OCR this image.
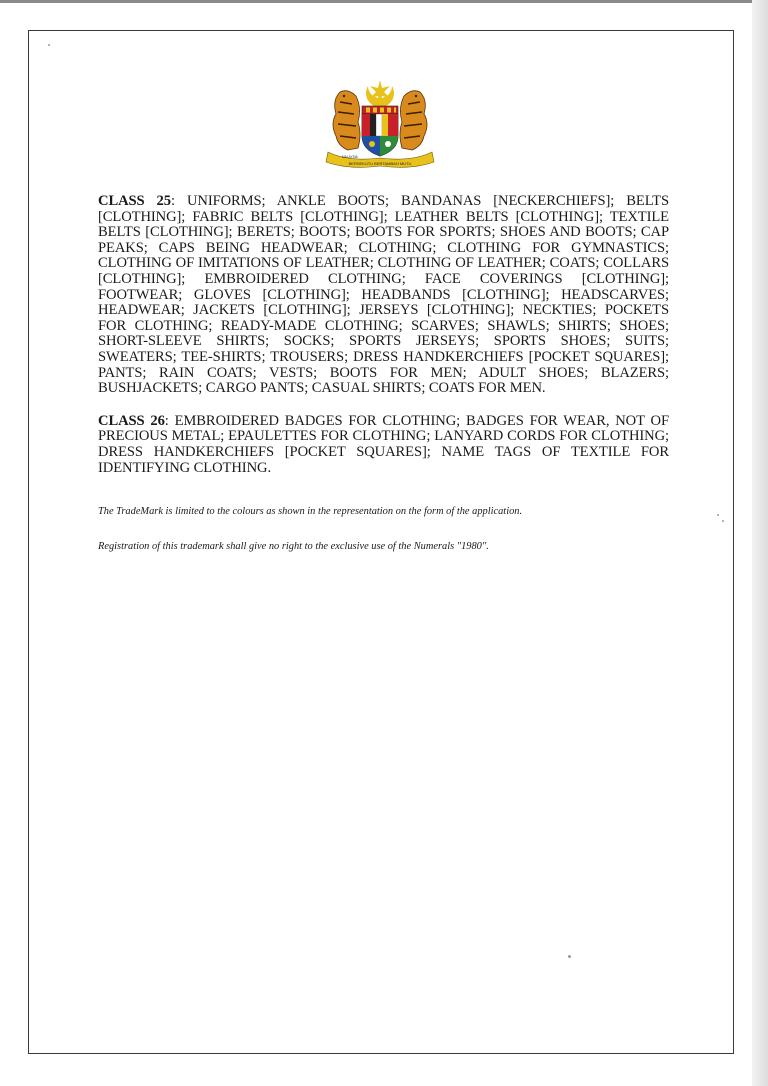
BERSEKUTU BERTAMBAH MUTU
MALAYSIA

CLASS 25: UNIFORMS; ANKLE BOOTS; BANDANAS [NECKERCHIEFS]; BELTS [CLOTHING]; FABRIC BELTS [CLOTHING]; LEATHER BELTS [CLOTHING]; TEXTILE BELTS [CLOTHING]; BERETS; BOOTS; BOOTS FOR SPORTS; SHOES AND BOOTS; CAP PEAKS; CAPS BEING HEADWEAR; CLOTHING; CLOTHING FOR GYMNASTICS; CLOTHING OF IMITATIONS OF LEATHER; CLOTHING OF LEATHER; COATS; COLLARS [CLOTHING]; EMBROIDERED CLOTHING; FACE COVERINGS [CLOTHING]; FOOTWEAR; GLOVES [CLOTHING]; HEADBANDS [CLOTHING]; HEADSCARVES; HEADWEAR; JACKETS [CLOTHING]; JERSEYS [CLOTHING]; NECKTIES; POCKETS FOR CLOTHING; READY-MADE CLOTHING; SCARVES; SHAWLS; SHIRTS; SHOES; SHORT-SLEEVE SHIRTS; SOCKS; SPORTS JERSEYS; SPORTS SHOES; SUITS; SWEATERS; TEE-SHIRTS; TROUSERS; DRESS HANDKERCHIEFS [POCKET SQUARES]; PANTS; RAIN COATS; VESTS; BOOTS FOR MEN; ADULT SHOES; BLAZERS; BUSHJACKETS; CARGO PANTS; CASUAL SHIRTS; COATS FOR MEN.

CLASS 26: EMBROIDERED BADGES FOR CLOTHING; BADGES FOR WEAR, NOT OF PRECIOUS METAL; EPAULETTES FOR CLOTHING; LANYARD CORDS FOR CLOTHING; DRESS HANDKERCHIEFS [POCKET SQUARES]; NAME TAGS OF TEXTILE FOR IDENTIFYING CLOTHING.

The TradeMark is limited to the colours as shown in the representation on the form of the application.
Registration of this trademark shall give no right to the exclusive use of the Numerals "1980".
